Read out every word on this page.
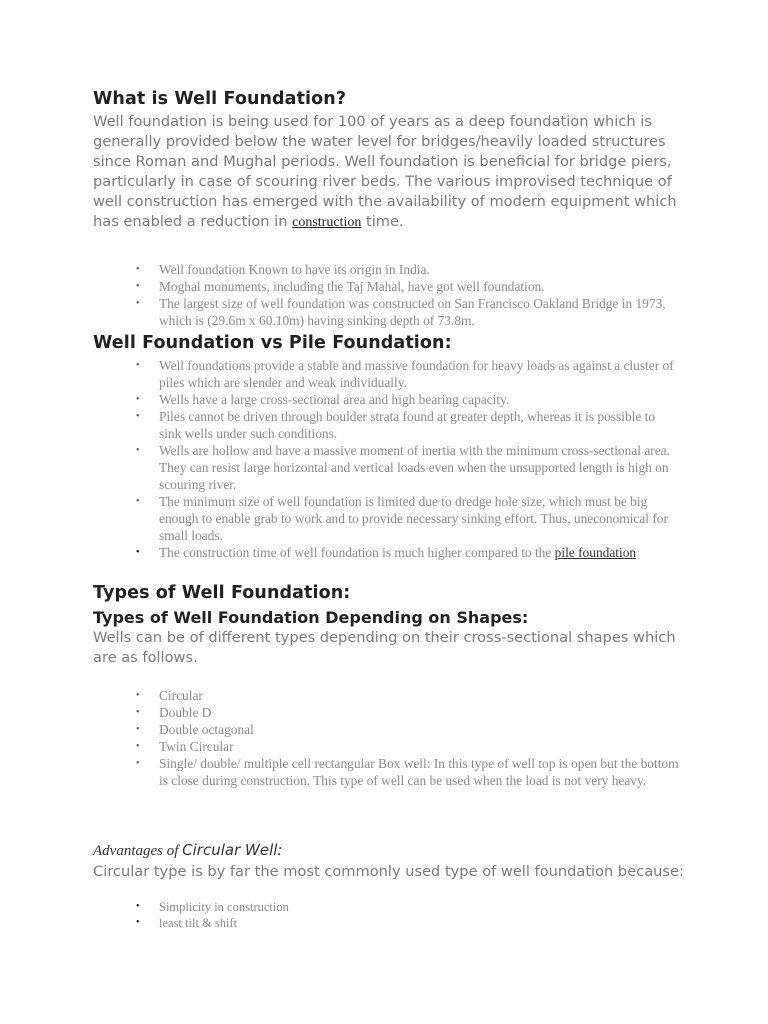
What is Well Foundation?

Well foundation is being used for 100 of years as a deep foundation which is generally provided below the water level for bridges/heavily loaded structures since Roman and Mughal periods. Well foundation is beneficial for bridge piers, particularly in case of scouring river beds. The various improvised technique of well construction has emerged with the availability of modern equipment which has enabled a reduction in construction time.

• Well foundation Known to have its origin in India.
• Moghal monuments, including the Taj Mahal, have got well foundation.
• The largest size of well foundation was constructed on San Francisco Oakland Bridge in 1973, which is (29.6m x 60.10m) having sinking depth of 73.8m.
Well Foundation vs Pile Foundation:
• Well foundations provide a stable and massive foundation for heavy loads as against a cluster of piles which are slender and weak individually.
• Wells have a large cross-sectional area and high bearing capacity.
• Piles cannot be driven through boulder strata found at greater depth, whereas it is possible to sink wells under such conditions.
• Wells are hollow and have a massive moment of inertia with the minimum cross-sectional area. They can resist large horizontal and vertical loads even when the unsupported length is high on scouring river.
• The minimum size of well foundation is limited due to dredge hole size, which must be big enough to enable grab to work and to provide necessary sinking effort. Thus, uneconomical for small loads.
• The construction time of well foundation is much higher compared to the pile foundation
Types of Well Foundation:
Types of Well Foundation Depending on Shapes:

Wells can be of different types depending on their cross-sectional shapes which are as follows.

• Circular
• Double D
• Double octagonal
• Twin Circular
• Single/ double/ multiple cell rectangular Box well: In this type of well top is open but the bottom is close during construction. This type of well can be used when the load is not very heavy.
Advantages of Circular Well:

Circular type is by far the most commonly used type of well foundation because:

• Simplicity in construction
• least tilt & shift
